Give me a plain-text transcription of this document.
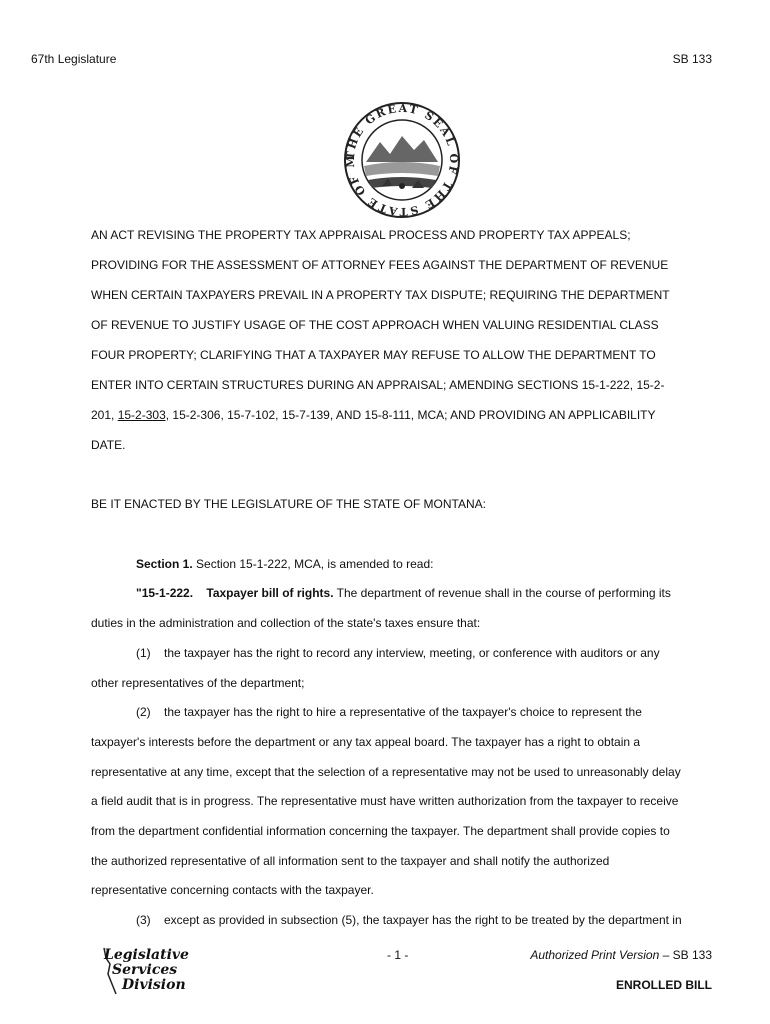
67th Legislature	SB 133
THE GREAT SEAL OF THE STATE OF M
AN ACT REVISING THE PROPERTY TAX APPRAISAL PROCESS AND PROPERTY TAX APPEALS;
PROVIDING FOR THE ASSESSMENT OF ATTORNEY FEES AGAINST THE DEPARTMENT OF REVENUE
WHEN CERTAIN TAXPAYERS PREVAIL IN A PROPERTY TAX DISPUTE; REQUIRING THE DEPARTMENT
OF REVENUE TO JUSTIFY USAGE OF THE COST APPROACH WHEN VALUING RESIDENTIAL CLASS
FOUR PROPERTY; CLARIFYING THAT A TAXPAYER MAY REFUSE TO ALLOW THE DEPARTMENT TO
ENTER INTO CERTAIN STRUCTURES DURING AN APPRAISAL; AMENDING SECTIONS 15-1-222, 15-2-
201, 15-2-303, 15-2-306, 15-7-102, 15-7-139, AND 15-8-111, MCA; AND PROVIDING AN APPLICABILITY
DATE.
BE IT ENACTED BY THE LEGISLATURE OF THE STATE OF MONTANA:
Section 1. Section 15-1-222, MCA, is amended to read:
"15-1-222.    Taxpayer bill of rights. The department of revenue shall in the course of performing its
duties in the administration and collection of the state's taxes ensure that:
(1)    the taxpayer has the right to record any interview, meeting, or conference with auditors or any
other representatives of the department;
(2)    the taxpayer has the right to hire a representative of the taxpayer's choice to represent the
taxpayer's interests before the department or any tax appeal board. The taxpayer has a right to obtain a
representative at any time, except that the selection of a representative may not be used to unreasonably delay
a field audit that is in progress. The representative must have written authorization from the taxpayer to receive
from the department confidential information concerning the taxpayer. The department shall provide copies to
the authorized representative of all information sent to the taxpayer and shall notify the authorized
representative concerning contacts with the taxpayer.
(3)    except as provided in subsection (5), the taxpayer has the right to be treated by the department in
Legislative
Services
Division
- 1 -	Authorized Print Version – SB 133
ENROLLED BILL
